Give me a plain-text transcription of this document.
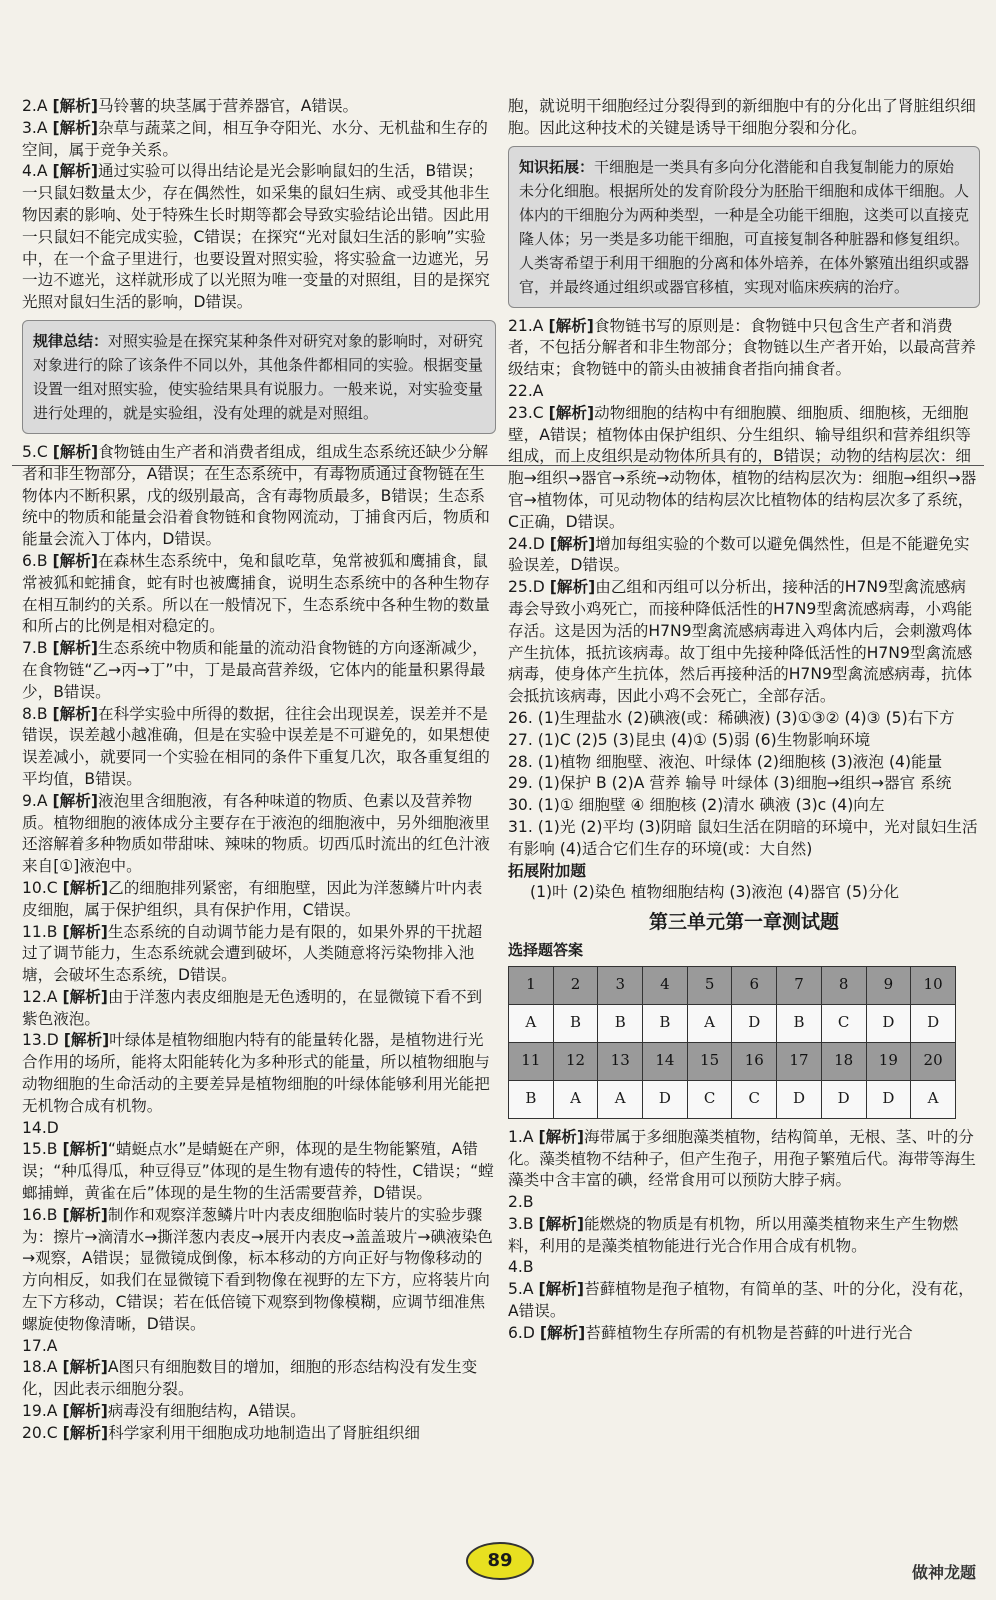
2.A [解析]马铃薯的块茎属于营养器官，A错误。

3.A [解析]杂草与蔬菜之间，相互争夺阳光、水分、无机盐和生存的空间，属于竞争关系。

4.A [解析]通过实验可以得出结论是光会影响鼠妇的生活，B错误；一只鼠妇数量太少，存在偶然性，如采集的鼠妇生病、或受其他非生物因素的影响、处于特殊生长时期等都会导致实验结论出错。因此用一只鼠妇不能完成实验，C错误；在探究“光对鼠妇生活的影响”实验中，在一个盒子里进行，也要设置对照实验，将实验盒一边遮光，另一边不遮光，这样就形成了以光照为唯一变量的对照组，目的是探究光照对鼠妇生活的影响，D错误。

规律总结：对照实验是在探究某种条件对研究对象的影响时，对研究对象进行的除了该条件不同以外，其他条件都相同的实验。根据变量设置一组对照实验，使实验结果具有说服力。一般来说，对实验变量进行处理的，就是实验组，没有处理的就是对照组。

5.C [解析]食物链由生产者和消费者组成，组成生态系统还缺少分解者和非生物部分，A错误；在生态系统中，有毒物质通过食物链在生物体内不断积累，戊的级别最高，含有毒物质最多，B错误；生态系统中的物质和能量会沿着食物链和食物网流动，丁捕食丙后，物质和能量会流入丁体内，D错误。

6.B [解析]在森林生态系统中，兔和鼠吃草，兔常被狐和鹰捕食，鼠常被狐和蛇捕食，蛇有时也被鹰捕食，说明生态系统中的各种生物存在相互制约的关系。所以在一般情况下，生态系统中各种生物的数量和所占的比例是相对稳定的。

7.B [解析]生态系统中物质和能量的流动沿食物链的方向逐渐减少，在食物链“乙→丙→丁”中，丁是最高营养级，它体内的能量积累得最少，B错误。

8.B [解析]在科学实验中所得的数据，往往会出现误差，误差并不是错误，误差越小越准确，但是在实验中误差是不可避免的，如果想使误差减小，就要同一个实验在相同的条件下重复几次，取各重复组的平均值，B错误。

9.A [解析]液泡里含细胞液，有各种味道的物质、色素以及营养物质。植物细胞的液体成分主要存在于液泡的细胞液中，另外细胞液里还溶解着多种物质如带甜味、辣味的物质。切西瓜时流出的红色汁液来自[①]液泡中。

10.C [解析]乙的细胞排列紧密，有细胞壁，因此为洋葱鳞片叶内表皮细胞，属于保护组织，具有保护作用，C错误。

11.B [解析]生态系统的自动调节能力是有限的，如果外界的干扰超过了调节能力，生态系统就会遭到破坏，人类随意将污染物排入池塘，会破坏生态系统，D错误。

12.A [解析]由于洋葱内表皮细胞是无色透明的，在显微镜下看不到紫色液泡。

13.D [解析]叶绿体是植物细胞内特有的能量转化器，是植物进行光合作用的场所，能将太阳能转化为多种形式的能量，所以植物细胞与动物细胞的生命活动的主要差异是植物细胞的叶绿体能够利用光能把无机物合成有机物。

14.D

15.B [解析]“蜻蜓点水”是蜻蜓在产卵，体现的是生物能繁殖，A错误；“种瓜得瓜，种豆得豆”体现的是生物有遗传的特性，C错误；“螳螂捕蝉，黄雀在后”体现的是生物的生活需要营养，D错误。

16.B [解析]制作和观察洋葱鳞片叶内表皮细胞临时装片的实验步骤为：擦片→滴清水→撕洋葱内表皮→展开内表皮→盖盖玻片→碘液染色→观察，A错误；显微镜成倒像，标本移动的方向正好与物像移动的方向相反，如我们在显微镜下看到物像在视野的左下方，应将装片向左下方移动，C错误；若在低倍镜下观察到物像模糊，应调节细准焦螺旋使物像清晰，D错误。

17.A

18.A [解析]A图只有细胞数目的增加，细胞的形态结构没有发生变化，因此表示细胞分裂。

19.A [解析]病毒没有细胞结构，A错误。

20.C [解析]科学家利用干细胞成功地制造出了肾脏组织细

胞，就说明干细胞经过分裂得到的新细胞中有的分化出了肾脏组织细胞。因此这种技术的关键是诱导干细胞分裂和分化。

知识拓展：干细胞是一类具有多向分化潜能和自我复制能力的原始未分化细胞。根据所处的发育阶段分为胚胎干细胞和成体干细胞。人体内的干细胞分为两种类型，一种是全功能干细胞，这类可以直接克隆人体；另一类是多功能干细胞，可直接复制各种脏器和修复组织。人类寄希望于利用干细胞的分离和体外培养，在体外繁殖出组织或器官，并最终通过组织或器官移植，实现对临床疾病的治疗。

21.A [解析]食物链书写的原则是：食物链中只包含生产者和消费者，不包括分解者和非生物部分；食物链以生产者开始，以最高营养级结束；食物链中的箭头由被捕食者指向捕食者。

22.A

23.C [解析]动物细胞的结构中有细胞膜、细胞质、细胞核，无细胞壁，A错误；植物体由保护组织、分生组织、输导组织和营养组织等组成，而上皮组织是动物体所具有的，B错误；动物的结构层次：细胞→组织→器官→系统→动物体，植物的结构层次为：细胞→组织→器官→植物体，可见动物体的结构层次比植物体的结构层次多了系统，C正确，D错误。

24.D [解析]增加每组实验的个数可以避免偶然性，但是不能避免实验误差，D错误。

25.D [解析]由乙组和丙组可以分析出，接种活的H7N9型禽流感病毒会导致小鸡死亡，而接种降低活性的H7N9型禽流感病毒，小鸡能存活。这是因为活的H7N9型禽流感病毒进入鸡体内后，会刺激鸡体产生抗体，抵抗该病毒。故丁组中先接种降低活性的H7N9型禽流感病毒，使身体产生抗体，然后再接种活的H7N9型禽流感病毒，抗体会抵抗该病毒，因此小鸡不会死亡，全部存活。

26. (1)生理盐水 (2)碘液(或：稀碘液) (3)①③② (4)③ (5)右下方

27. (1)C (2)5 (3)昆虫 (4)① (5)弱 (6)生物影响环境

28. (1)植物 细胞壁、液泡、叶绿体 (2)细胞核 (3)液泡 (4)能量

29. (1)保护 B (2)A 营养 输导 叶绿体 (3)细胞→组织→器官 系统

30. (1)① 细胞壁 ④ 细胞核 (2)清水 碘液 (3)c (4)向左

31. (1)光 (2)平均 (3)阴暗 鼠妇生活在阴暗的环境中，光对鼠妇生活有影响 (4)适合它们生存的环境(或：大自然)

拓展附加题

(1)叶 (2)染色 植物细胞结构 (3)液泡 (4)器官 (5)分化

第三单元第一章测试题
选择题答案
1	2	3	4	5	6	7	8	9	10
A	B	B	B	A	D	B	C	D	D
11	12	13	14	15	16	17	18	19	20
B	A	A	D	C	C	D	D	D	A

1.A [解析]海带属于多细胞藻类植物，结构简单，无根、茎、叶的分化。藻类植物不结种子，但产生孢子，用孢子繁殖后代。海带等海生藻类中含丰富的碘，经常食用可以预防大脖子病。

2.B

3.B [解析]能燃烧的物质是有机物，所以用藻类植物来生产生物燃料，利用的是藻类植物能进行光合作用合成有机物。

4.B

5.A [解析]苔藓植物是孢子植物，有简单的茎、叶的分化，没有花，A错误。

6.D [解析]苔藓植物生存所需的有机物是苔藓的叶进行光合

89
做神龙题
